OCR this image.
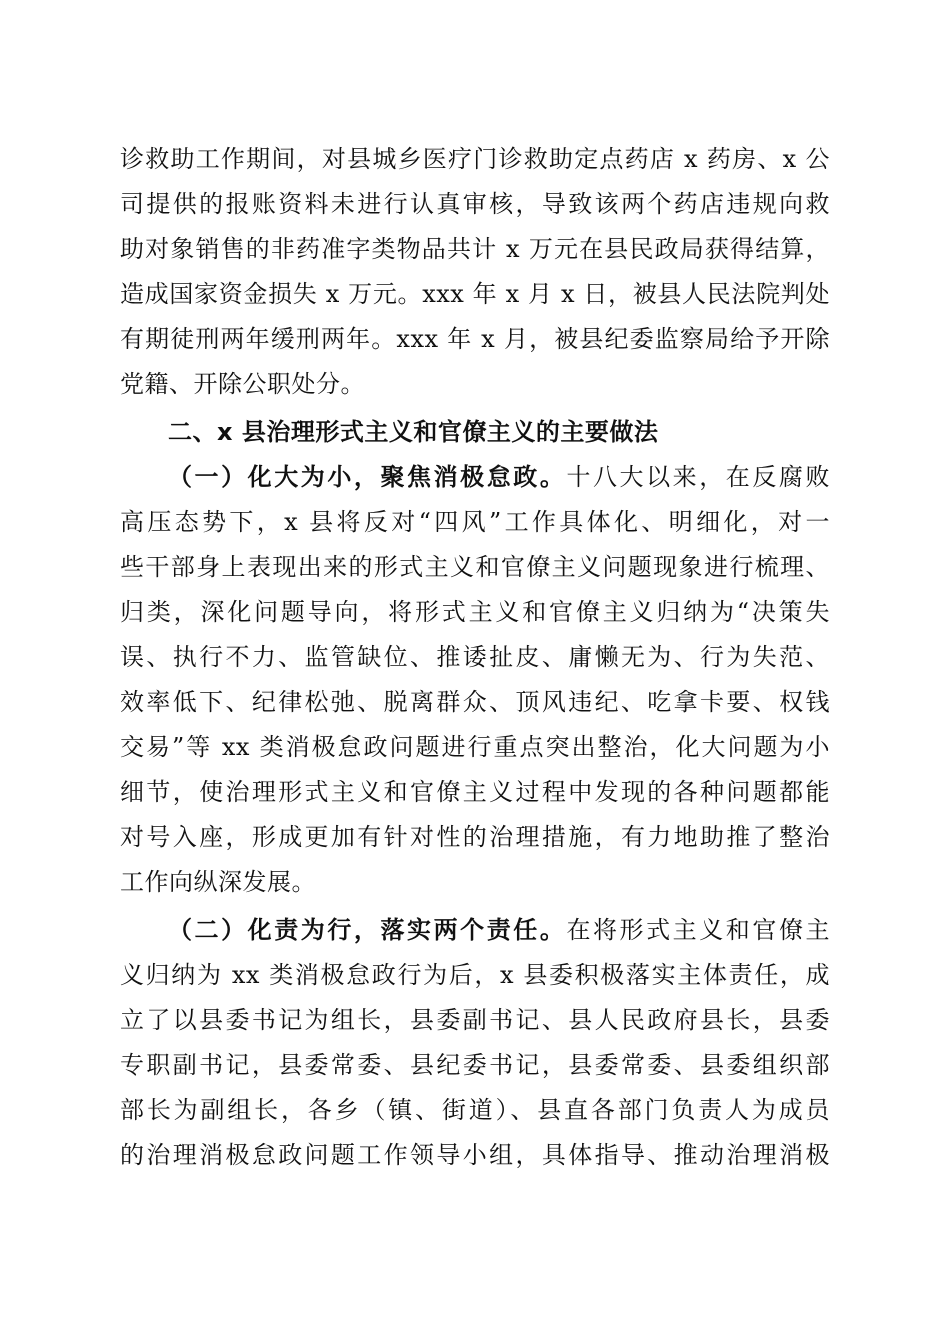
诊救助工作期间，对县城乡医疗门诊救助定点药店 x 药房、x 公

司提供的报账资料未进行认真审核，导致该两个药店违规向救

助对象销售的非药准字类物品共计 x 万元在县民政局获得结算，

造成国家资金损失 x 万元。xxx 年 x 月 x 日，被县人民法院判处

有期徒刑两年缓刑两年。xxx 年 x 月，被县纪委监察局给予开除

党籍、开除公职处分。

二、x 县治理形式主义和官僚主义的主要做法

（一）化大为小，聚焦消极怠政。十八大以来，在反腐败

高压态势下，x 县将反对“四风”工作具体化、明细化，对一

些干部身上表现出来的形式主义和官僚主义问题现象进行梳理、

归类，深化问题导向，将形式主义和官僚主义归纳为“决策失

误、执行不力、监管缺位、推诿扯皮、庸懒无为、行为失范、

效率低下、纪律松弛、脱离群众、顶风违纪、吃拿卡要、权钱

交易”等 xx 类消极怠政问题进行重点突出整治，化大问题为小

细节，使治理形式主义和官僚主义过程中发现的各种问题都能

对号入座，形成更加有针对性的治理措施，有力地助推了整治

工作向纵深发展。

（二）化责为行，落实两个责任。在将形式主义和官僚主

义归纳为 xx 类消极怠政行为后，x 县委积极落实主体责任，成

立了以县委书记为组长，县委副书记、县人民政府县长，县委

专职副书记，县委常委、县纪委书记，县委常委、县委组织部

部长为副组长，各乡（镇、街道）、县直各部门负责人为成员

的治理消极怠政问题工作领导小组，具体指导、推动治理消极
